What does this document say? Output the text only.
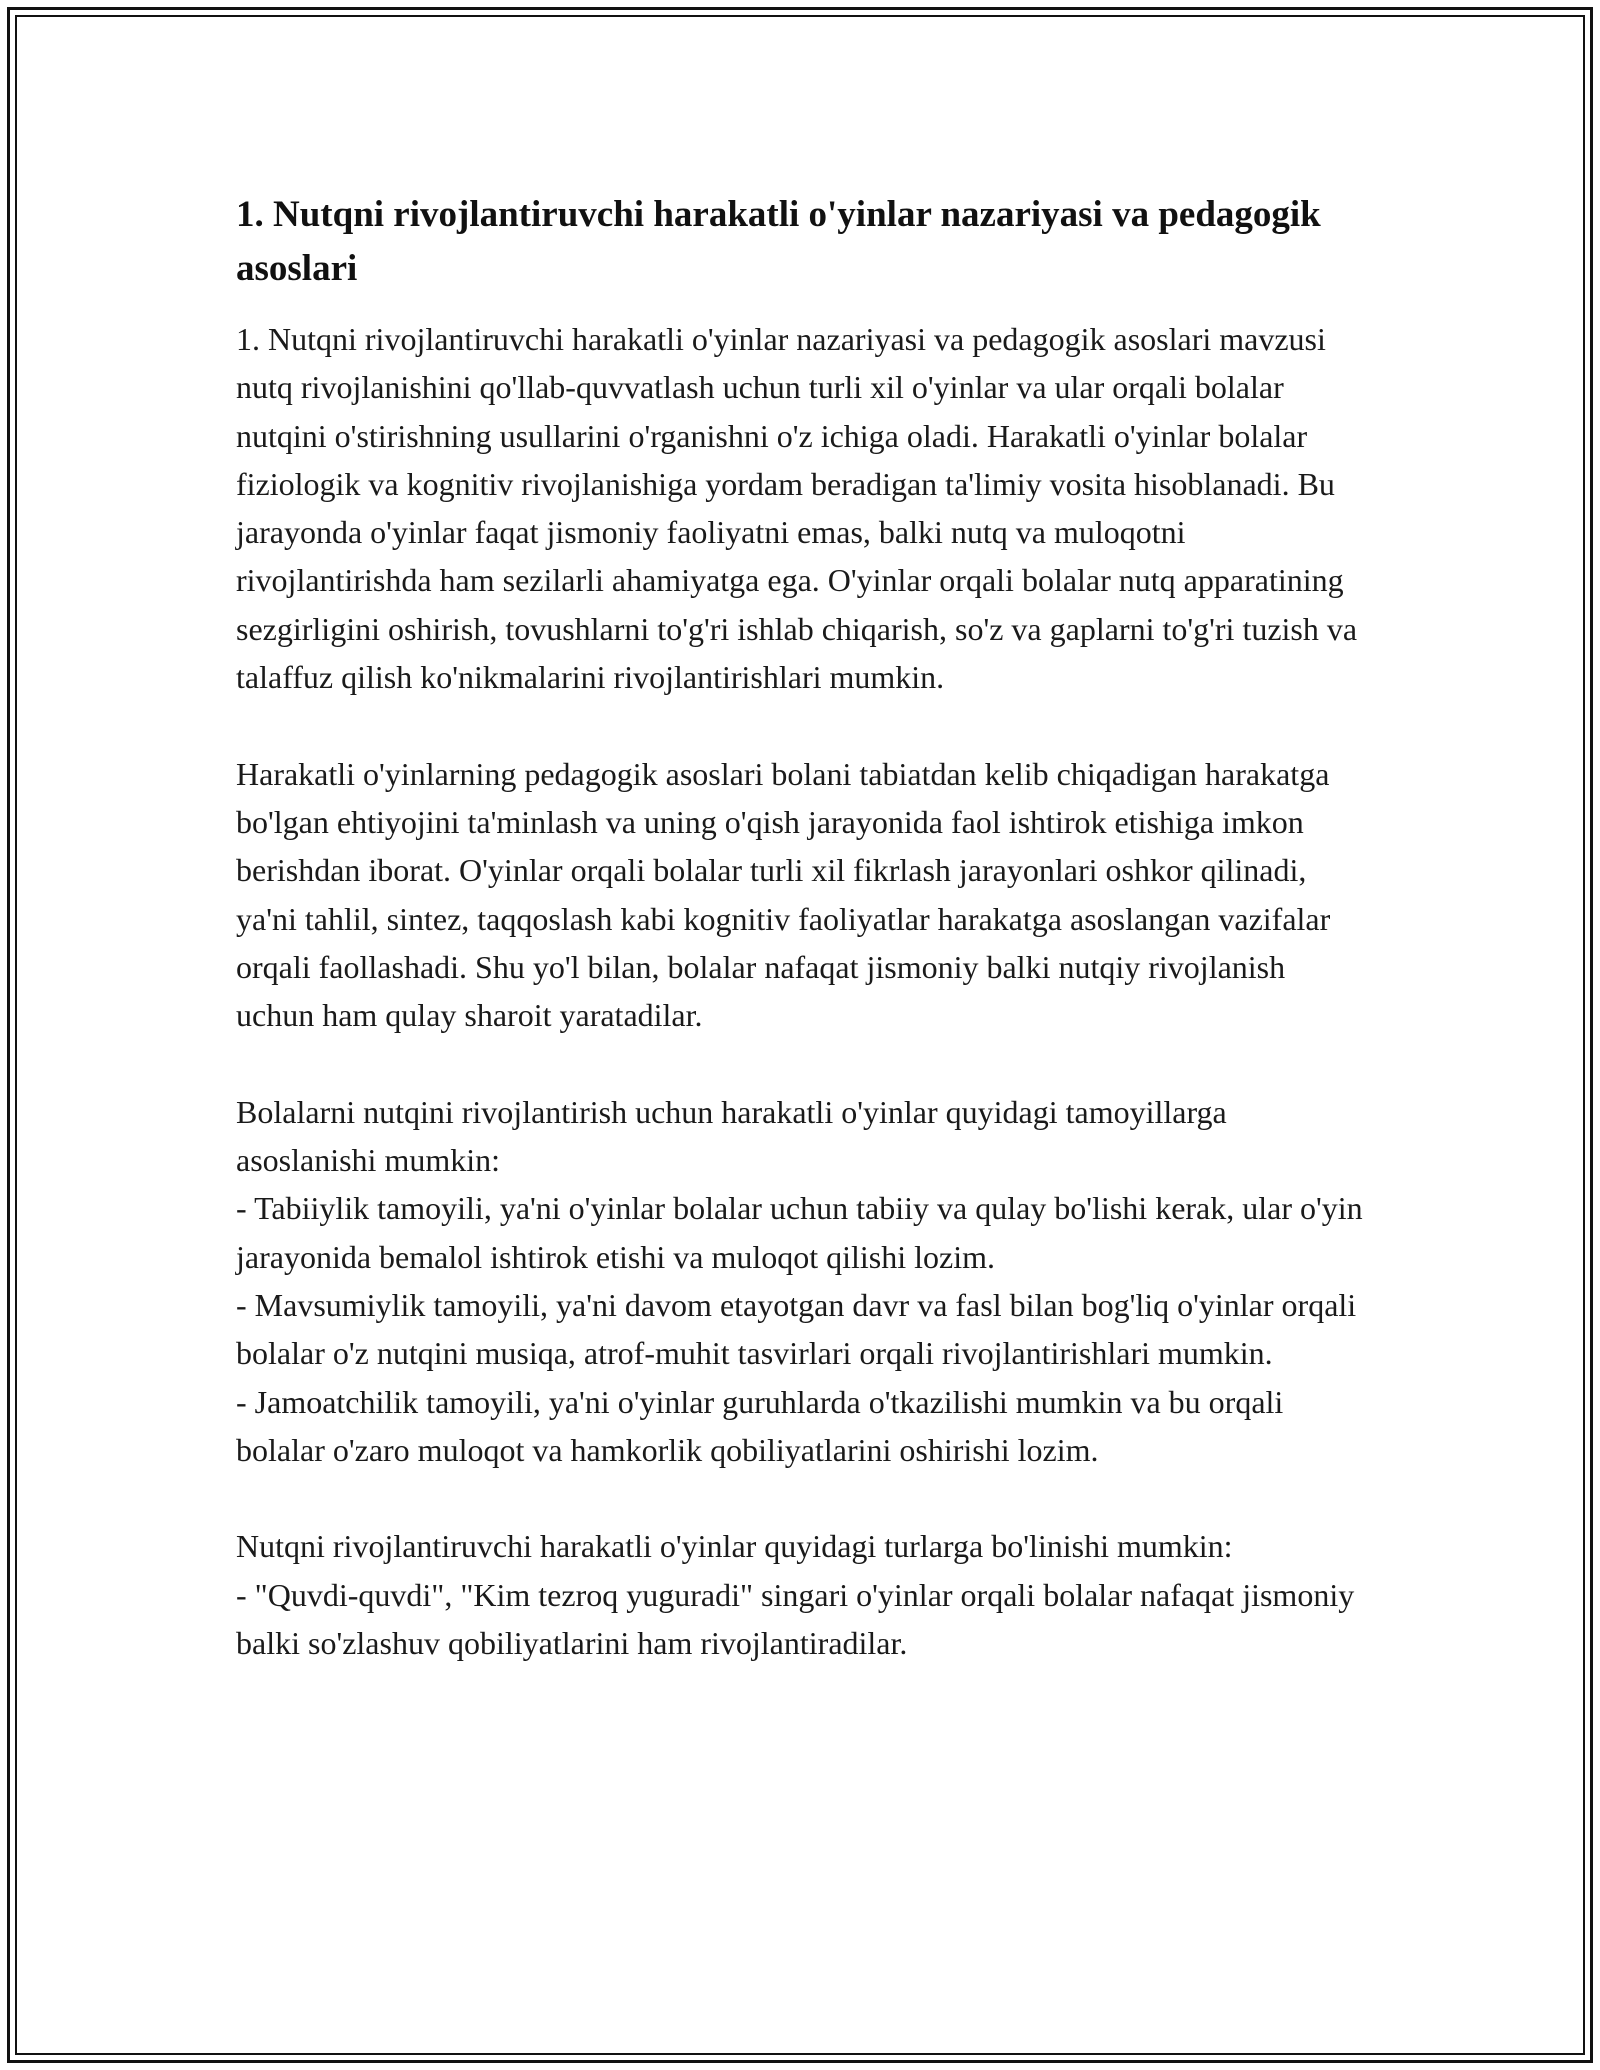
1. Nutqni rivojlantiruvchi harakatli o'yinlar nazariyasi va pedagogik asoslari

1. Nutqni rivojlantiruvchi harakatli o'yinlar nazariyasi va pedagogik asoslari mavzusi nutq rivojlanishini qo'llab-quvvatlash uchun turli xil o'yinlar va ular orqali bolalar nutqini o'stirishning usullarini o'rganishni o'z ichiga oladi. Harakatli o'yinlar bolalar fiziologik va kognitiv rivojlanishiga yordam beradigan ta'limiy vosita hisoblanadi. Bu jarayonda o'yinlar faqat jismoniy faoliyatni emas, balki nutq va muloqotni rivojlantirishda ham sezilarli ahamiyatga ega. O'yinlar orqali bolalar nutq apparatining sezgirligini oshirish, tovushlarni to'g'ri ishlab chiqarish, so'z va gaplarni to'g'ri tuzish va talaffuz qilish ko'nikmalarini rivojlantirishlari mumkin.

Harakatli o'yinlarning pedagogik asoslari bolani tabiatdan kelib chiqadigan harakatga bo'lgan ehtiyojini ta'minlash va uning o'qish jarayonida faol ishtirok etishiga imkon berishdan iborat. O'yinlar orqali bolalar turli xil fikrlash jarayonlari oshkor qilinadi, ya'ni tahlil, sintez, taqqoslash kabi kognitiv faoliyatlar harakatga asoslangan vazifalar orqali faollashadi. Shu yo'l bilan, bolalar nafaqat jismoniy balki nutqiy rivojlanish uchun ham qulay sharoit yaratadilar.

Bolalarni nutqini rivojlantirish uchun harakatli o'yinlar quyidagi tamoyillarga asoslanishi mumkin:
- Tabiiylik tamoyili, ya'ni o'yinlar bolalar uchun tabiiy va qulay bo'lishi kerak, ular o'yin jarayonida bemalol ishtirok etishi va muloqot qilishi lozim.
- Mavsumiylik tamoyili, ya'ni davom etayotgan davr va fasl bilan bog'liq o'yinlar orqali bolalar o'z nutqini musiqa, atrof-muhit tasvirlari orqali rivojlantirishlari mumkin.
- Jamoatchilik tamoyili, ya'ni o'yinlar guruhlarda o'tkazilishi mumkin va bu orqali bolalar o'zaro muloqot va hamkorlik qobiliyatlarini oshirishi lozim.

Nutqni rivojlantiruvchi harakatli o'yinlar quyidagi turlarga bo'linishi mumkin:
- "Quvdi-quvdi", "Kim tezroq yuguradi" singari o'yinlar orqali bolalar nafaqat jismoniy balki so'zlashuv qobiliyatlarini ham rivojlantiradilar.
